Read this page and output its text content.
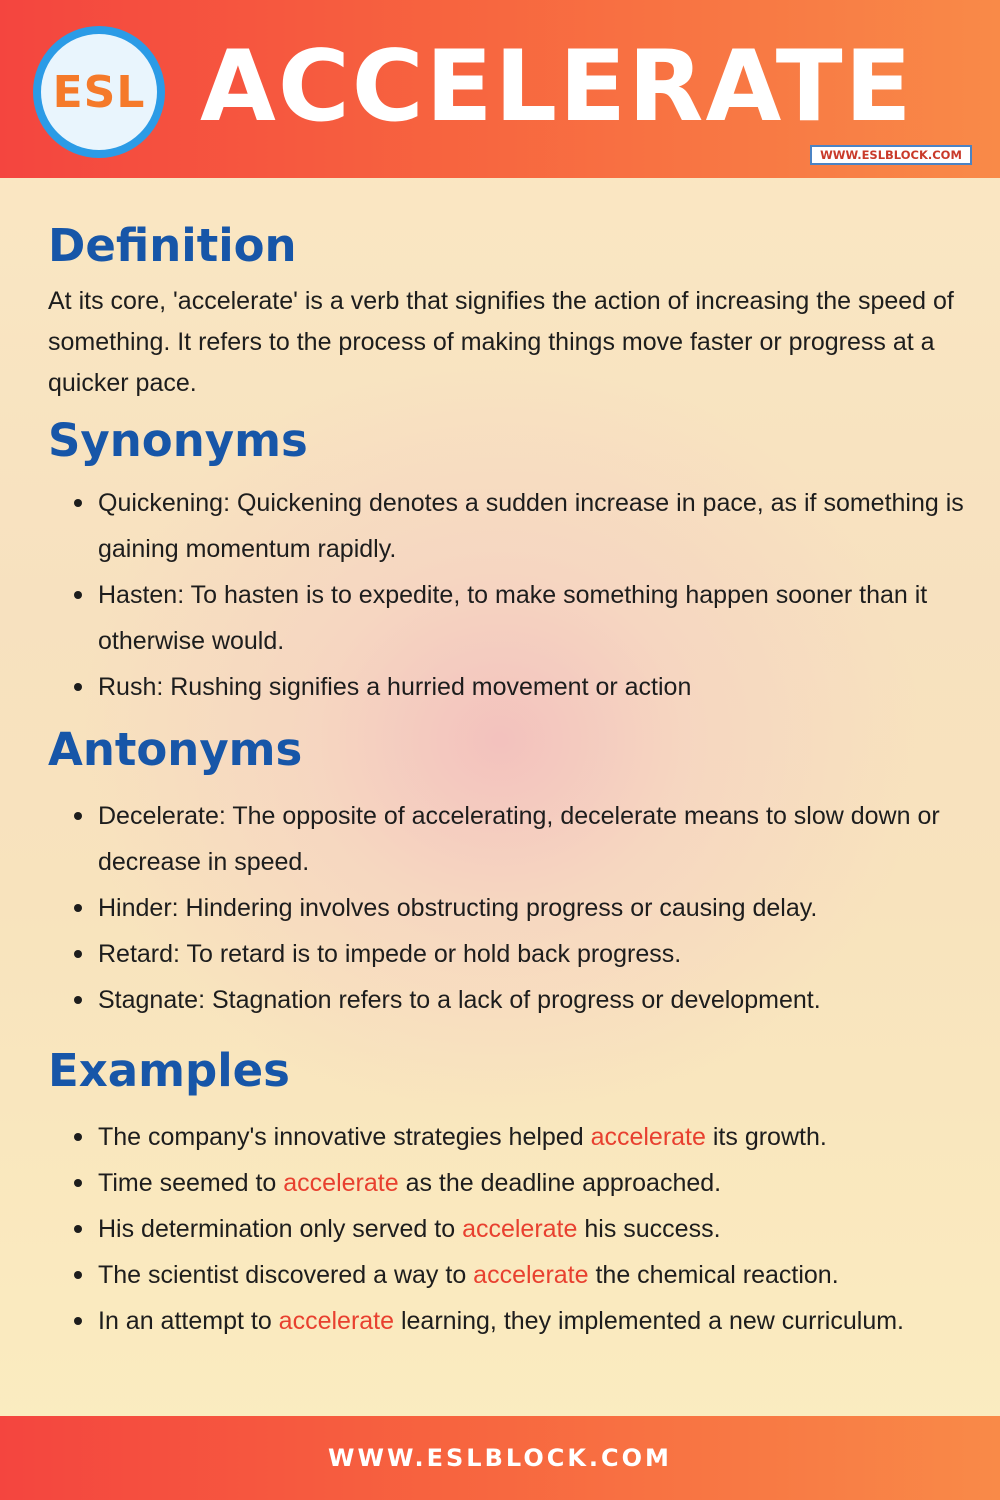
ESL ACCELERATE
WWW.ESLBLOCK.COM
Definition

At its core, 'accelerate' is a verb that signifies the action of increasing the speed of something. It refers to the process of making things move faster or progress at a quicker pace.

Synonyms
Quickening: Quickening denotes a sudden increase in pace, as if something is gaining momentum rapidly.
Hasten: To hasten is to expedite, to make something happen sooner than it otherwise would.
Rush: Rushing signifies a hurried movement or action
Antonyms
Decelerate: The opposite of accelerating, decelerate means to slow down or decrease in speed.
Hinder: Hindering involves obstructing progress or causing delay.
Retard: To retard is to impede or hold back progress.
Stagnate: Stagnation refers to a lack of progress or development.
Examples
The company's innovative strategies helped accelerate its growth.
Time seemed to accelerate as the deadline approached.
His determination only served to accelerate his success.
The scientist discovered a way to accelerate the chemical reaction.
In an attempt to accelerate learning, they implemented a new curriculum.
WWW.ESLBLOCK.COM
